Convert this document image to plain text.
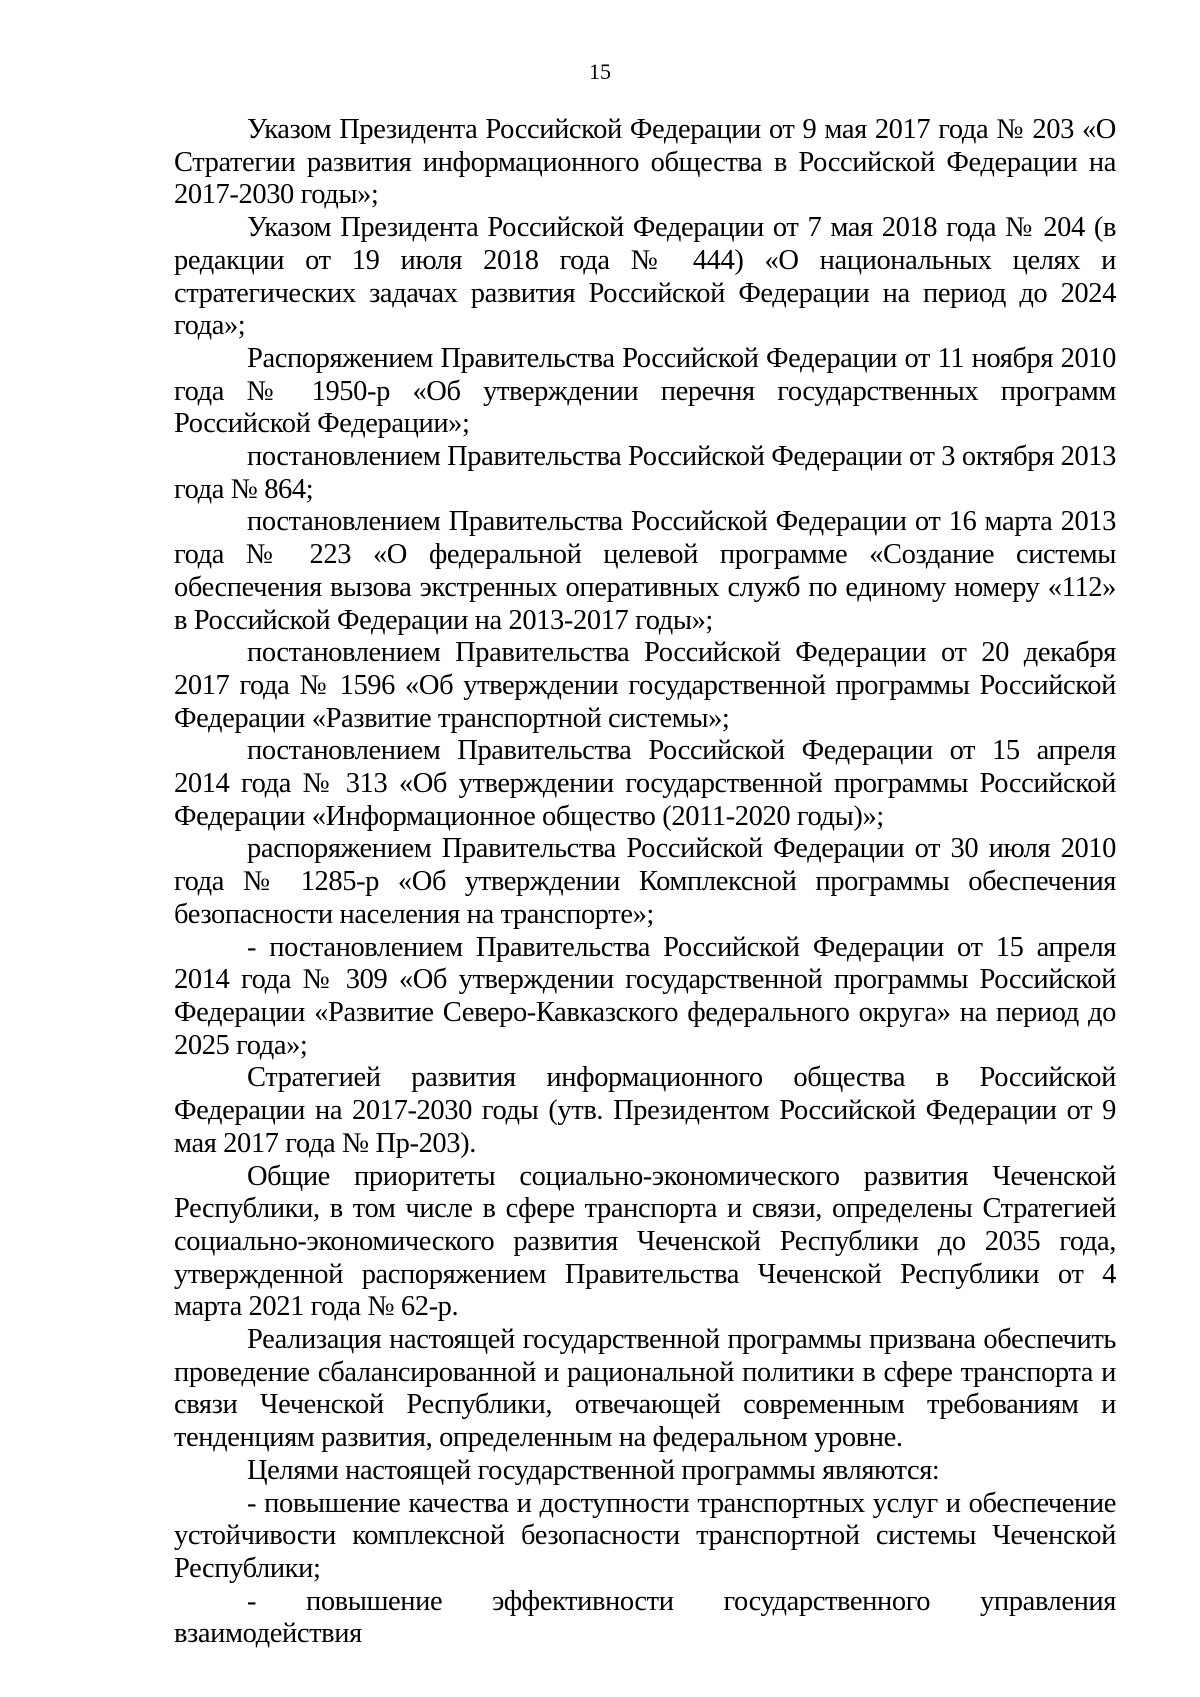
15

Указом Президента Российской Федерации от 9 мая 2017 года № 203 «О Стратегии развития информационного общества в Российской Федерации на 2017-2030 годы»;

Указом Президента Российской Федерации от 7 мая 2018 года № 204 (в редакции от 19 июля 2018 года № 444) «О национальных целях и стратегических задачах развития Российской Федерации на период до 2024 года»;

Распоряжением Правительства Российской Федерации от 11 ноября 2010 года № 1950-р «Об утверждении перечня государственных программ Российской Федерации»;

постановлением Правительства Российской Федерации от 3 октября 2013 года № 864;

постановлением Правительства Российской Федерации от 16 марта 2013 года № 223 «О федеральной целевой программе «Создание системы обеспечения вызова экстренных оперативных служб по единому номеру «112» в Российской Федерации на 2013-2017 годы»;

постановлением Правительства Российской Федерации от 20 декабря 2017 года № 1596 «Об утверждении государственной программы Российской Федерации «Развитие транспортной системы»;

постановлением Правительства Российской Федерации от 15 апреля 2014 года № 313 «Об утверждении государственной программы Российской Федерации «Информационное общество (2011-2020 годы)»;

распоряжением Правительства Российской Федерации от 30 июля 2010 года № 1285-р «Об утверждении Комплексной программы обеспечения безопасности населения на транспорте»;

- постановлением Правительства Российской Федерации от 15 апреля 2014 года № 309 «Об утверждении государственной программы Российской Федерации «Развитие Северо-Кавказского федерального округа» на период до 2025 года»;

Стратегией развития информационного общества в Российской Федерации на 2017-2030 годы (утв. Президентом Российской Федерации от 9 мая 2017 года № Пр-203).

Общие приоритеты социально-экономического развития Чеченской Республики, в том числе в сфере транспорта и связи, определены Стратегией социально-экономического развития Чеченской Республики до 2035 года, утвержденной распоряжением Правительства Чеченской Республики от 4 марта 2021 года № 62-р.

Реализация настоящей государственной программы призвана обеспечить проведение сбалансированной и рациональной политики в сфере транспорта и связи Чеченской Республики, отвечающей современным требованиям и тенденциям развития, определенным на федеральном уровне.

Целями настоящей государственной программы являются:

- повышение качества и доступности транспортных услуг и обеспечение устойчивости комплексной безопасности транспортной системы Чеченской Республики;

- повышение эффективности государственного управления взаимодействия
